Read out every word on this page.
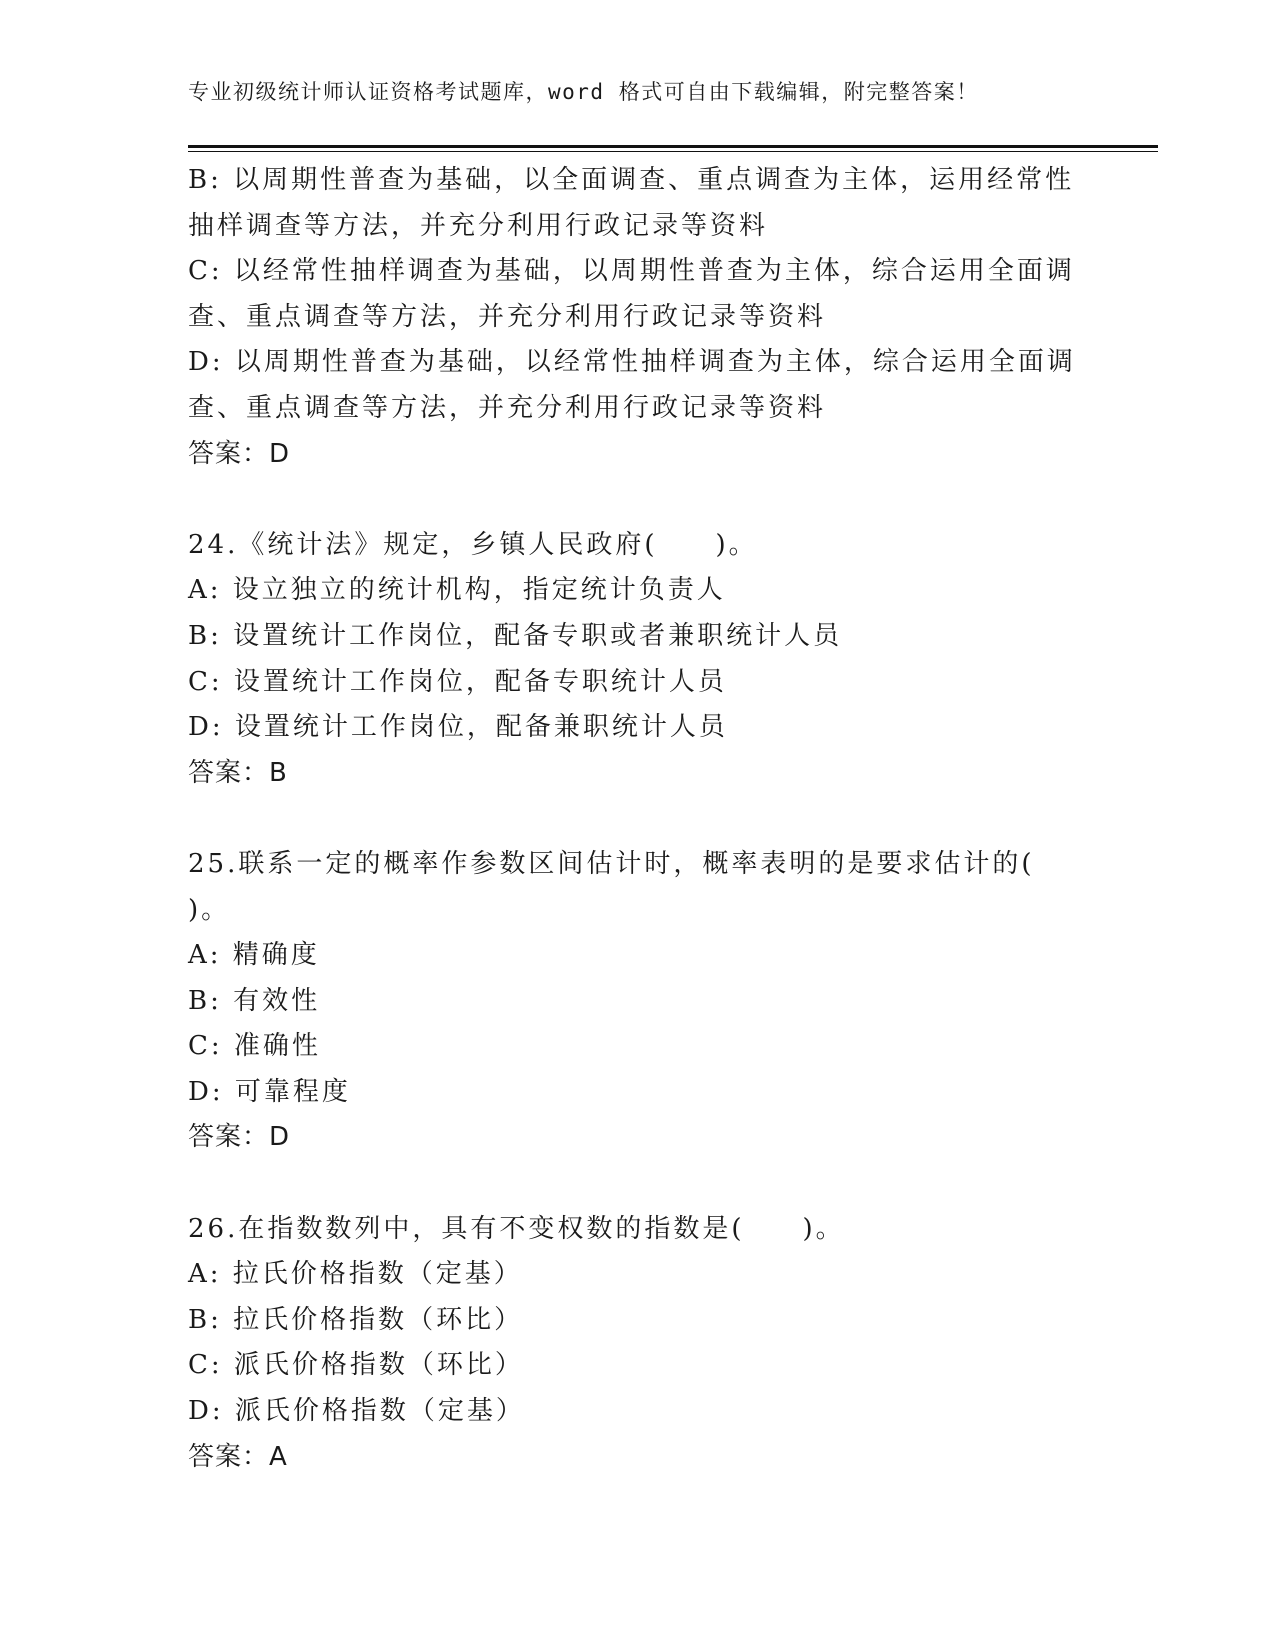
专业初级统计师认证资格考试题库，word 格式可自由下载编辑，附完整答案！
B: 以周期性普查为基础，以全面调查、重点调查为主体，运用经常性抽样调查等方法，并充分利用行政记录等资料
C: 以经常性抽样调查为基础，以周期性普查为主体，综合运用全面调查、重点调查等方法，并充分利用行政记录等资料
D: 以周期性普查为基础，以经常性抽样调查为主体，综合运用全面调查、重点调查等方法，并充分利用行政记录等资料
答案：D
24.《统计法》规定，乡镇人民政府(　　)。
A: 设立独立的统计机构，指定统计负责人
B: 设置统计工作岗位，配备专职或者兼职统计人员
C: 设置统计工作岗位，配备专职统计人员
D: 设置统计工作岗位，配备兼职统计人员
答案：B
25.联系一定的概率作参数区间估计时，概率表明的是要求估计的(
)。
A: 精确度
B: 有效性
C: 准确性
D: 可靠程度
答案：D
26.在指数数列中，具有不变权数的指数是(　　)。
A: 拉氏价格指数（定基）
B: 拉氏价格指数（环比）
C: 派氏价格指数（环比）
D: 派氏价格指数（定基）
答案：A
